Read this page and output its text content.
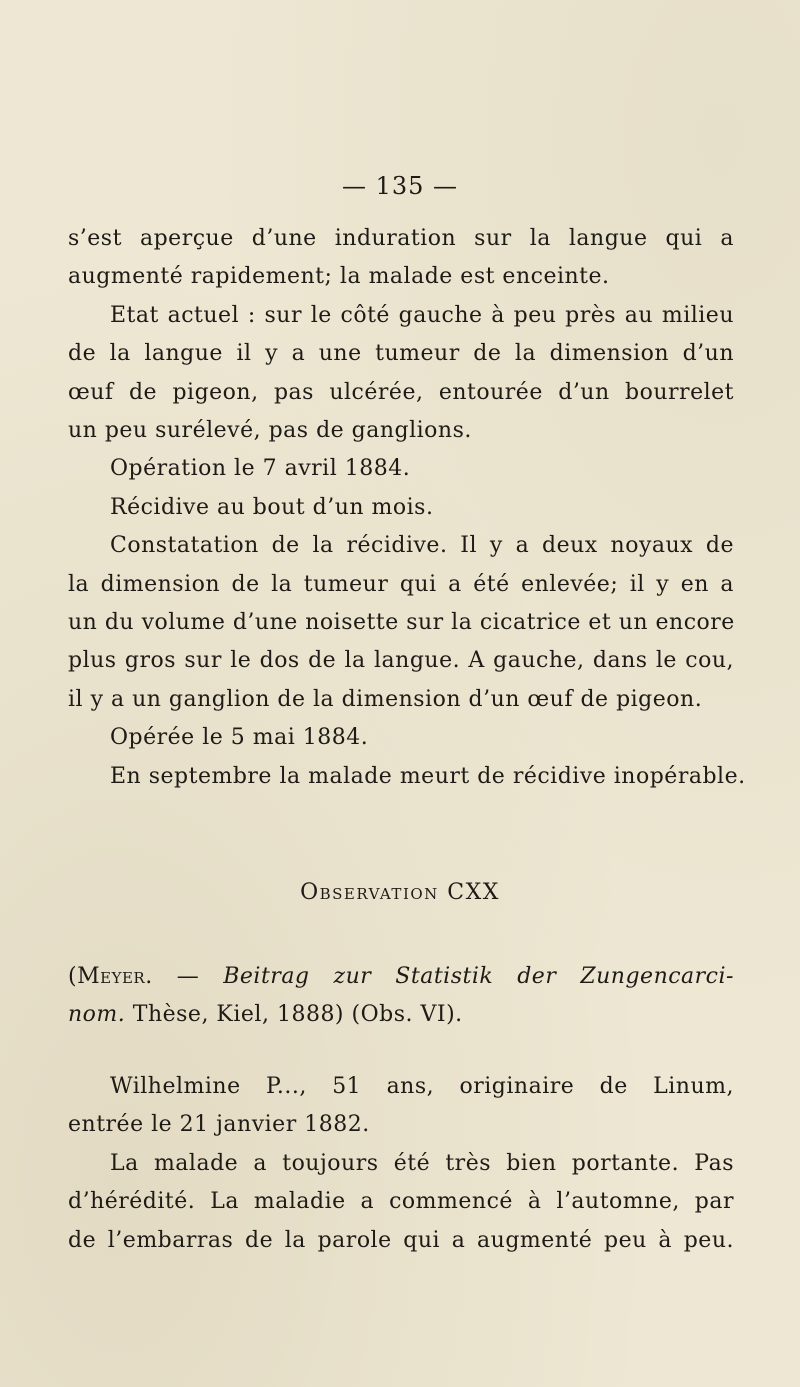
— 135 —
s’est aperçue d’une induration sur la langue qui a
augmenté rapidement; la malade est enceinte.
Etat actuel : sur le côté gauche à peu près au milieu
de la langue il y a une tumeur de la dimension d’un
œuf de pigeon, pas ulcérée, entourée d’un bourrelet
un peu surélevé, pas de ganglions.
Opération le 7 avril 1884.
Récidive au bout d’un mois.
Constatation de la récidive. Il y a deux noyaux de
la dimension de la tumeur qui a été enlevée; il y en a
un du volume d’une noisette sur la cicatrice et un encore
plus gros sur le dos de la langue. A gauche, dans le cou,
il y a un ganglion de la dimension d’un œuf de pigeon.
Opérée le 5 mai 1884.
En septembre la malade meurt de récidive inopérable.
Observation CXX
(Meyer. — Beitrag zur Statistik der Zungencarci-
nom. Thèse, Kiel, 1888) (Obs. VI).
Wilhelmine P..., 51 ans, originaire de Linum,
entrée le 21 janvier 1882.
La malade a toujours été très bien portante. Pas
d’hérédité. La maladie a commencé à l’automne, par
de l’embarras de la parole qui a augmenté peu à peu.
